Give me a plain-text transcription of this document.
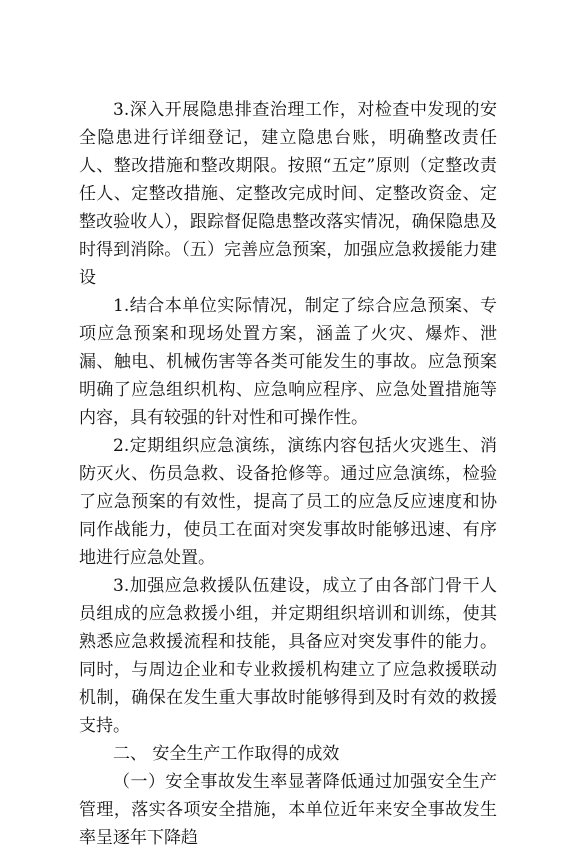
3.深入开展隐患排查治理工作，对检查中发现的安全隐患进行详细登记，建立隐患台账，明确整改责任人、整改措施和整改期限。按照“五定”原则（定整改责任人、定整改措施、定整改完成时间、定整改资金、定整改验收人），跟踪督促隐患整改落实情况，确保隐患及时得到消除。（五）完善应急预案，加强应急救援能力建设

1.结合本单位实际情况，制定了综合应急预案、专项应急预案和现场处置方案，涵盖了火灾、爆炸、泄漏、触电、机械伤害等各类可能发生的事故。应急预案明确了应急组织机构、应急响应程序、应急处置措施等内容，具有较强的针对性和可操作性。

2.定期组织应急演练，演练内容包括火灾逃生、消防灭火、伤员急救、设备抢修等。通过应急演练，检验了应急预案的有效性，提高了员工的应急反应速度和协同作战能力，使员工在面对突发事故时能够迅速、有序地进行应急处置。

3.加强应急救援队伍建设，成立了由各部门骨干人员组成的应急救援小组，并定期组织培训和训练，使其熟悉应急救援流程和技能，具备应对突发事件的能力。同时，与周边企业和专业救援机构建立了应急救援联动机制，确保在发生重大事故时能够得到及时有效的救援支持。

二、 安全生产工作取得的成效

（一）安全事故发生率显著降低通过加强安全生产管理，落实各项安全措施，本单位近年来安全事故发生率呈逐年下降趋
